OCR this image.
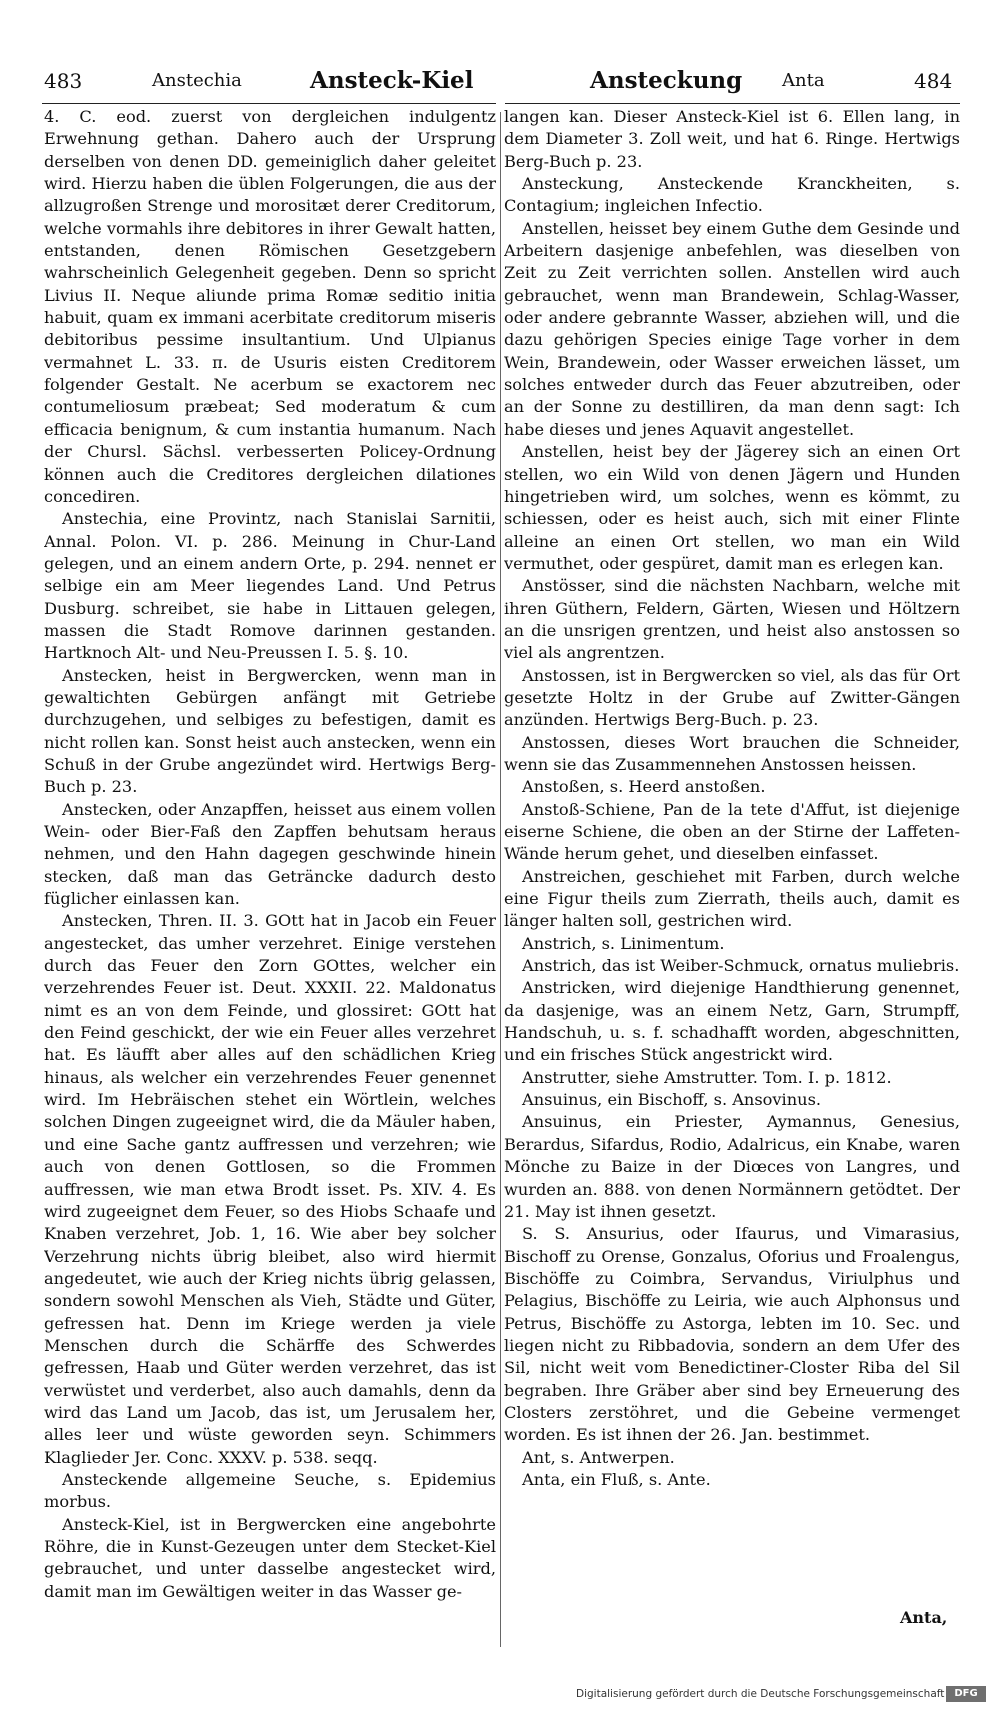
483	Anstechia	Ansteck-Kiel	Ansteckung Anta	484

4. C. eod. zuerst von dergleichen indulgentz Erwehnung gethan. Dahero auch der Ursprung derselben von denen DD. gemeiniglich daher geleitet wird. Hierzu haben die üblen Folgerungen, die aus der allzugroßen Strenge und morositæt derer Creditorum, welche vormahls ihre debitores in ihrer Gewalt hatten, entstanden, denen Römischen Gesetzgebern wahrscheinlich Gelegenheit gegeben. Denn so spricht Livius II. Neque aliunde prima Romæ seditio initia habuit, quam ex immani acerbitate creditorum miseris debitoribus pessime insultantium. Und Ulpianus vermahnet L. 33. π. de Usuris eisten Creditorem folgender Gestalt. Ne acerbum se exactorem nec contumeliosum præbeat; Sed moderatum & cum efficacia benignum, & cum instantia humanum. Nach der Chursl. Sächsl. verbesserten Policey-Ordnung können auch die Creditores dergleichen dilationes concediren.

Anstechia, eine Provintz, nach Stanislai Sarnitii, Annal. Polon. VI. p. 286. Meinung in Chur-Land gelegen, und an einem andern Orte, p. 294. nennet er selbige ein am Meer liegendes Land. Und Petrus Dusburg. schreibet, sie habe in Littauen gelegen, massen die Stadt Romove darinnen gestanden. Hartknoch Alt- und Neu-Preussen I. 5. §. 10.

Anstecken, heist in Bergwercken, wenn man in gewaltichten Gebürgen anfängt mit Getriebe durchzugehen, und selbiges zu befestigen, damit es nicht rollen kan. Sonst heist auch anstecken, wenn ein Schuß in der Grube angezündet wird. Hertwigs Berg-Buch p. 23.

Anstecken, oder Anzapffen, heisset aus einem vollen Wein- oder Bier-Faß den Zapffen behutsam heraus nehmen, und den Hahn dagegen geschwinde hinein stecken, daß man das Geträncke dadurch desto füglicher einlassen kan.

Anstecken, Thren. II. 3. GOtt hat in Jacob ein Feuer angestecket, das umher verzehret. Einige verstehen durch das Feuer den Zorn GOttes, welcher ein verzehrendes Feuer ist. Deut. XXXII. 22. Maldonatus nimt es an von dem Feinde, und glossiret: GOtt hat den Feind geschickt, der wie ein Feuer alles verzehret hat. Es läufft aber alles auf den schädlichen Krieg hinaus, als welcher ein verzehrendes Feuer genennet wird. Im Hebräischen stehet ein Wörtlein, welches solchen Dingen zugeeignet wird, die da Mäuler haben, und eine Sache gantz auffressen und verzehren; wie auch von denen Gottlosen, so die Frommen auffressen, wie man etwa Brodt isset. Ps. XIV. 4. Es wird zugeeignet dem Feuer, so des Hiobs Schaafe und Knaben verzehret, Job. 1, 16. Wie aber bey solcher Verzehrung nichts übrig bleibet, also wird hiermit angedeutet, wie auch der Krieg nichts übrig gelassen, sondern sowohl Menschen als Vieh, Städte und Güter, gefressen hat. Denn im Kriege werden ja viele Menschen durch die Schärffe des Schwerdes gefressen, Haab und Güter werden verzehret, das ist verwüstet und verderbet, also auch damahls, denn da wird das Land um Jacob, das ist, um Jerusalem her, alles leer und wüste geworden seyn. Schimmers Klaglieder Jer. Conc. XXXV. p. 538. seqq.

Ansteckende allgemeine Seuche, s. Epidemius morbus.

Ansteck-Kiel, ist in Bergwercken eine angebohrte Röhre, die in Kunst-Gezeugen unter dem Stecket-Kiel gebrauchet, und unter dasselbe angestecket wird, damit man im Gewältigen weiter in das Wasser ge-

langen kan. Dieser Ansteck-Kiel ist 6. Ellen lang, in dem Diameter 3. Zoll weit, und hat 6. Ringe. Hertwigs Berg-Buch p. 23.

Ansteckung, Ansteckende Kranckheiten, s. Contagium; ingleichen Infectio.

Anstellen, heisset bey einem Guthe dem Gesinde und Arbeitern dasjenige anbefehlen, was dieselben von Zeit zu Zeit verrichten sollen. Anstellen wird auch gebrauchet, wenn man Brandewein, Schlag-Wasser, oder andere gebrannte Wasser, abziehen will, und die dazu gehörigen Species einige Tage vorher in dem Wein, Brandewein, oder Wasser erweichen lässet, um solches entweder durch das Feuer abzutreiben, oder an der Sonne zu destilliren, da man denn sagt: Ich habe dieses und jenes Aquavit angestellet.

Anstellen, heist bey der Jägerey sich an einen Ort stellen, wo ein Wild von denen Jägern und Hunden hingetrieben wird, um solches, wenn es kömmt, zu schiessen, oder es heist auch, sich mit einer Flinte alleine an einen Ort stellen, wo man ein Wild vermuthet, oder gespüret, damit man es erlegen kan.

Anstösser, sind die nächsten Nachbarn, welche mit ihren Güthern, Feldern, Gärten, Wiesen und Höltzern an die unsrigen grentzen, und heist also anstossen so viel als angrentzen.

Anstossen, ist in Bergwercken so viel, als das für Ort gesetzte Holtz in der Grube auf Zwitter-Gängen anzünden. Hertwigs Berg-Buch. p. 23.

Anstossen, dieses Wort brauchen die Schneider, wenn sie das Zusammennehen Anstossen heissen.

Anstoßen, s. Heerd anstoßen.

Anstoß-Schiene, Pan de la tete d'Affut, ist diejenige eiserne Schiene, die oben an der Stirne der Laffeten-Wände herum gehet, und dieselben einfasset.

Anstreichen, geschiehet mit Farben, durch welche eine Figur theils zum Zierrath, theils auch, damit es länger halten soll, gestrichen wird.

Anstrich, s. Linimentum.

Anstrich, das ist Weiber-Schmuck, ornatus muliebris.

Anstricken, wird diejenige Handthierung genennet, da dasjenige, was an einem Netz, Garn, Strumpff, Handschuh, u. s. f. schadhafft worden, abgeschnitten, und ein frisches Stück angestrickt wird.

Anstrutter, siehe Amstrutter. Tom. I. p. 1812.

Ansuinus, ein Bischoff, s. Ansovinus.

Ansuinus, ein Priester, Aymannus, Genesius, Berardus, Sifardus, Rodio, Adalricus, ein Knabe, waren Mönche zu Baize in der Diœces von Langres, und wurden an. 888. von denen Normännern getödtet. Der 21. May ist ihnen gesetzt.

S. S. Ansurius, oder Ifaurus, und Vimarasius, Bischoff zu Orense, Gonzalus, Oforius und Froalengus, Bischöffe zu Coimbra, Servandus, Viriulphus und Pelagius, Bischöffe zu Leiria, wie auch Alphonsus und Petrus, Bischöffe zu Astorga, lebten im 10. Sec. und liegen nicht zu Ribbadovia, sondern an dem Ufer des Sil, nicht weit vom Benedictiner-Closter Riba del Sil begraben. Ihre Gräber aber sind bey Erneuerung des Closters zerstöhret, und die Gebeine vermenget worden. Es ist ihnen der 26. Jan. bestimmet.

Ant, s. Antwerpen.

Anta, ein Fluß, s. Ante.

Anta,
Digitalisierung gefördert durch die Deutsche Forschungsgemeinschaft DFG
